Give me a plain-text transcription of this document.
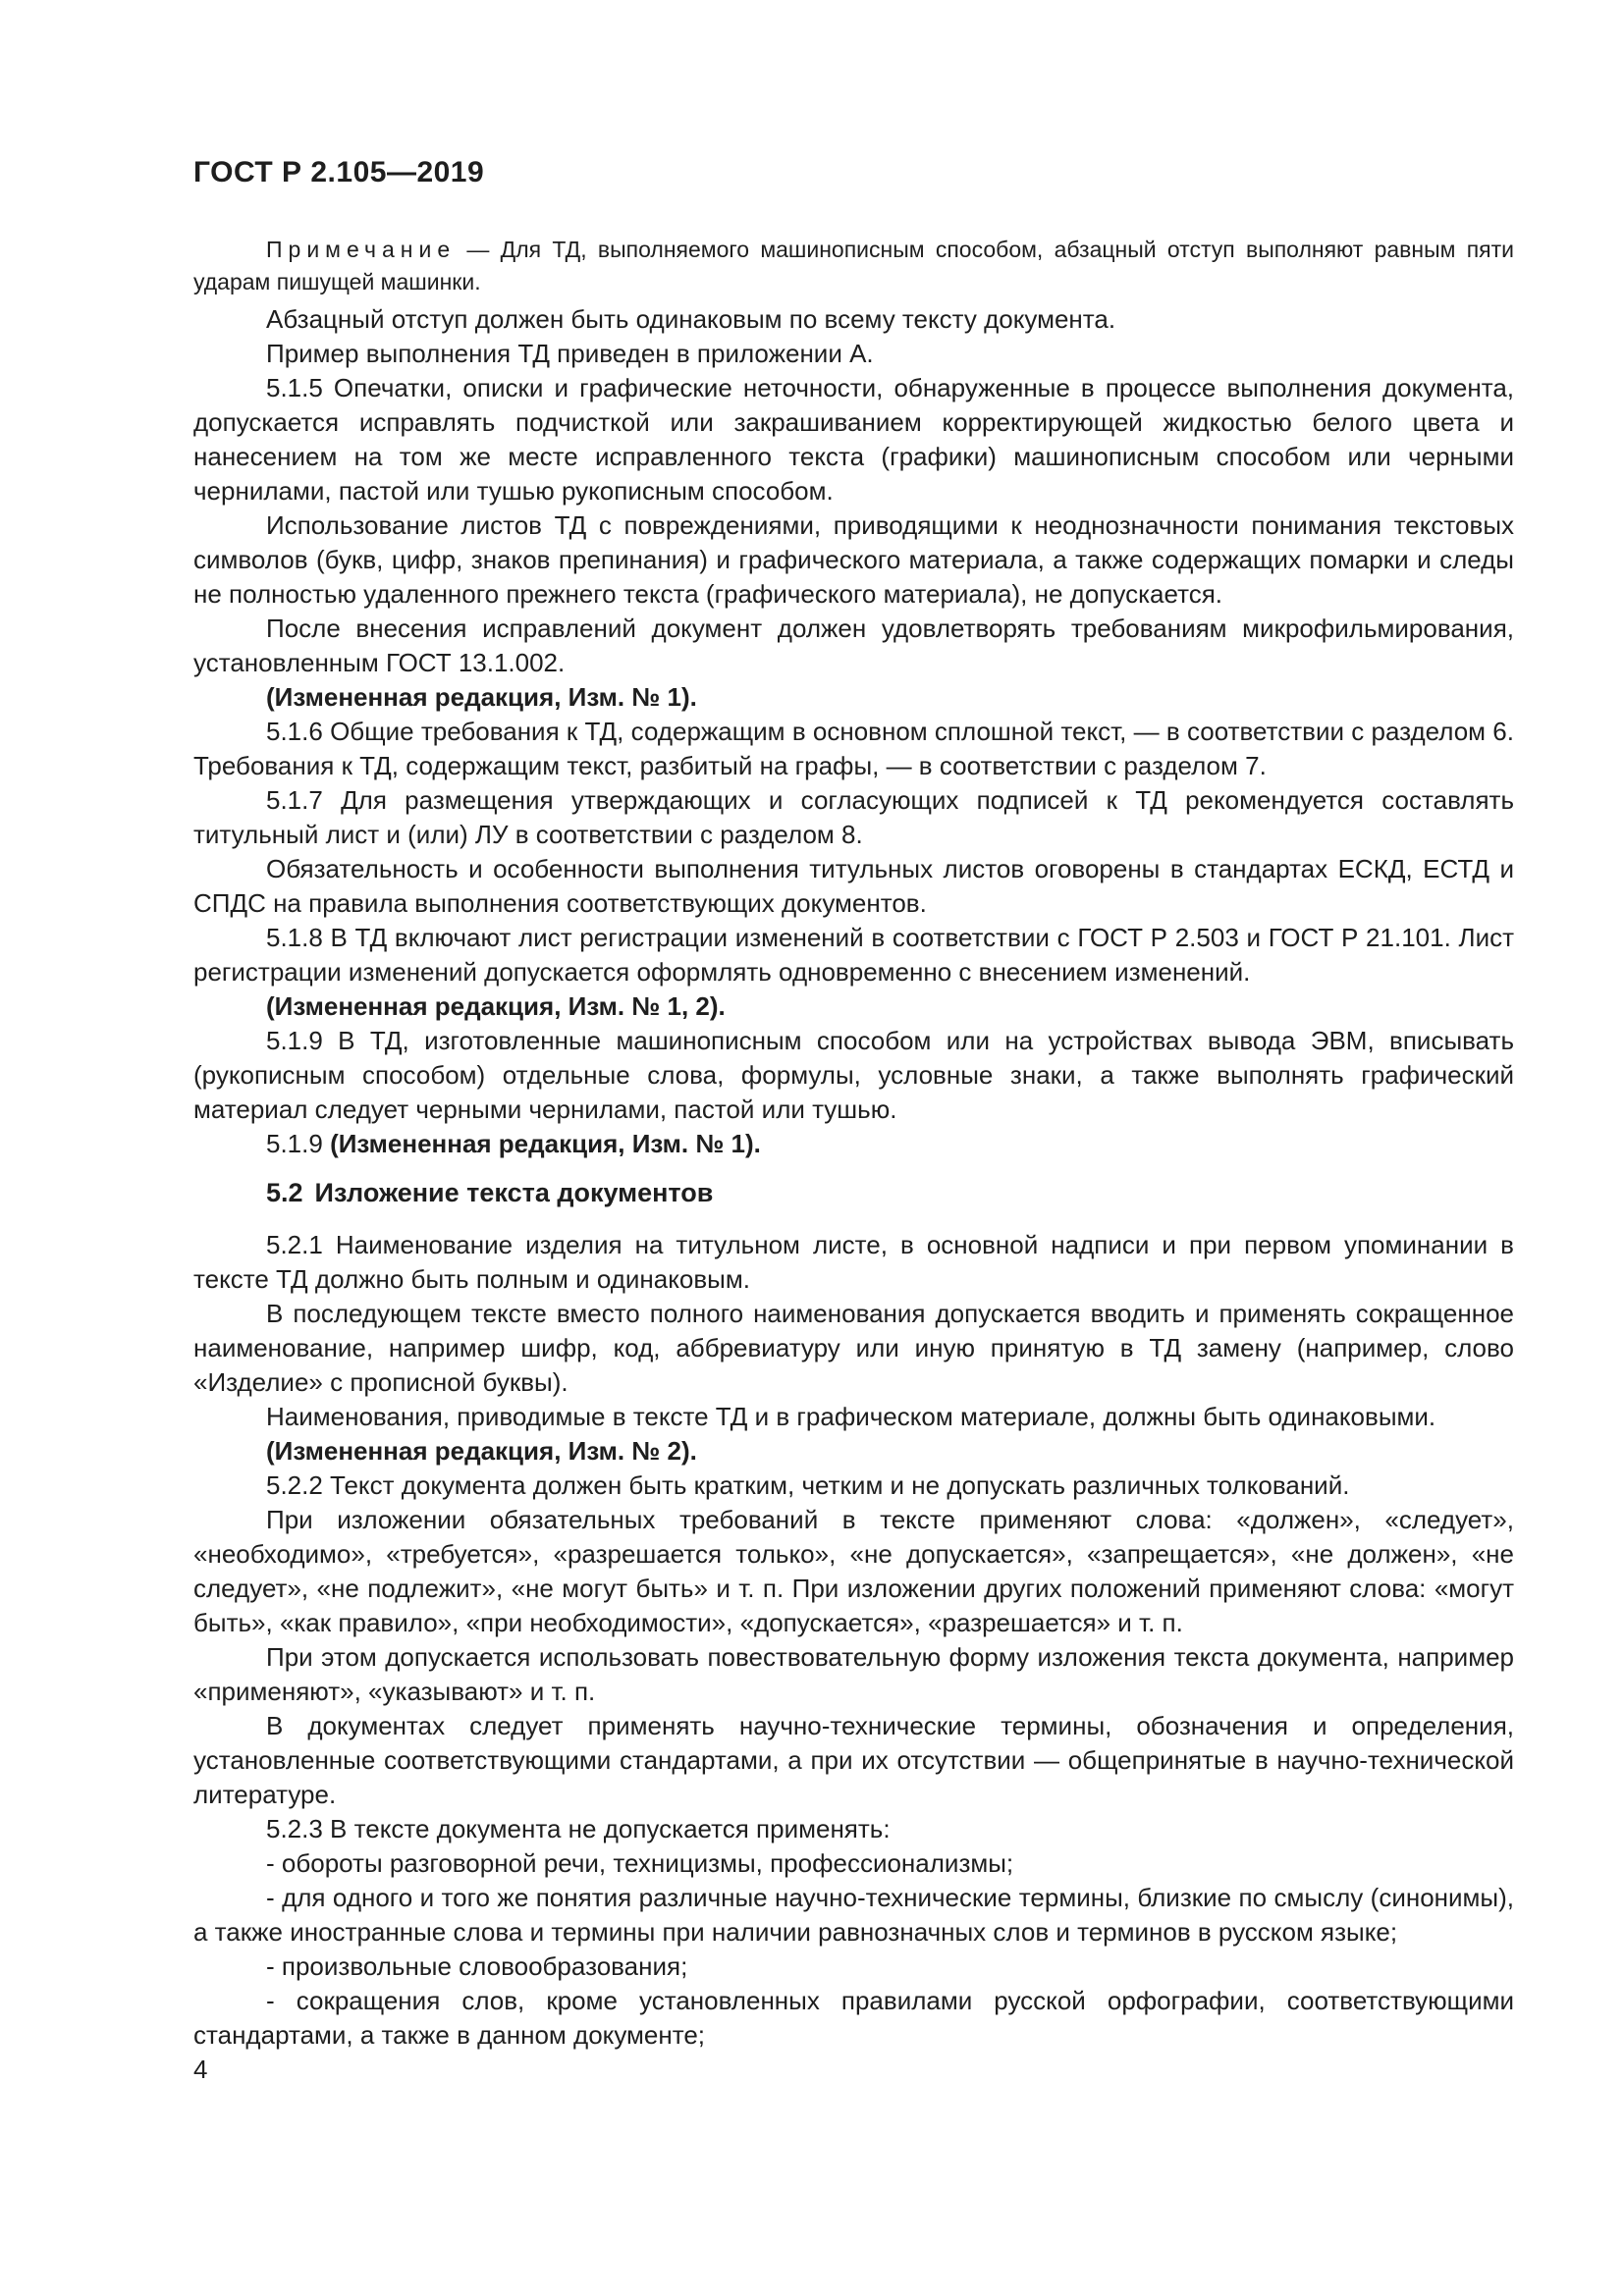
ГОСТ Р 2.105—2019

Примечание — Для ТД, выполняемого машинописным способом, абзацный отступ выполняют равным пяти ударам пишущей машинки.

Абзацный отступ должен быть одинаковым по всему тексту документа.

Пример выполнения ТД приведен в приложении А.

5.1.5 Опечатки, описки и графические неточности, обнаруженные в процессе выполнения документа, допускается исправлять подчисткой или закрашиванием корректирующей жидкостью белого цвета и нанесением на том же месте исправленного текста (графики) машинописным способом или черными чернилами, пастой или тушью рукописным способом.

Использование листов ТД с повреждениями, приводящими к неоднозначности понимания текстовых символов (букв, цифр, знаков препинания) и графического материала, а также содержащих помарки и следы не полностью удаленного прежнего текста (графического материала), не допускается.

После внесения исправлений документ должен удовлетворять требованиям микрофильмирования, установленным ГОСТ 13.1.002.

(Измененная редакция, Изм. № 1).

5.1.6 Общие требования к ТД, содержащим в основном сплошной текст, — в соответствии с разделом 6. Требования к ТД, содержащим текст, разбитый на графы, — в соответствии с разделом 7.

5.1.7 Для размещения утверждающих и согласующих подписей к ТД рекомендуется составлять титульный лист и (или) ЛУ в соответствии с разделом 8.

Обязательность и особенности выполнения титульных листов оговорены в стандартах ЕСКД, ЕСТД и СПДС на правила выполнения соответствующих документов.

5.1.8 В ТД включают лист регистрации изменений в соответствии с ГОСТ Р 2.503 и ГОСТ Р 21.101. Лист регистрации изменений допускается оформлять одновременно с внесением изменений.

(Измененная редакция, Изм. № 1, 2).

5.1.9 В ТД, изготовленные машинописным способом или на устройствах вывода ЭВМ, вписывать (рукописным способом) отдельные слова, формулы, условные знаки, а также выполнять графический материал следует черными чернилами, пастой или тушью.

5.1.9 (Измененная редакция, Изм. № 1).

5.2 Изложение текста документов

5.2.1 Наименование изделия на титульном листе, в основной надписи и при первом упоминании в тексте ТД должно быть полным и одинаковым.

В последующем тексте вместо полного наименования допускается вводить и применять сокращенное наименование, например шифр, код, аббревиатуру или иную принятую в ТД замену (например, слово «Изделие» с прописной буквы).

Наименования, приводимые в тексте ТД и в графическом материале, должны быть одинаковыми.

(Измененная редакция, Изм. № 2).

5.2.2 Текст документа должен быть кратким, четким и не допускать различных толкований.

При изложении обязательных требований в тексте применяют слова: «должен», «следует», «необходимо», «требуется», «разрешается только», «не допускается», «запрещается», «не должен», «не следует», «не подлежит», «не могут быть» и т. п. При изложении других положений применяют слова: «могут быть», «как правило», «при необходимости», «допускается», «разрешается» и т. п.

При этом допускается использовать повествовательную форму изложения текста документа, например «применяют», «указывают» и т. п.

В документах следует применять научно-технические термины, обозначения и определения, установленные соответствующими стандартами, а при их отсутствии — общепринятые в научно-технической литературе.

5.2.3 В тексте документа не допускается применять:

- обороты разговорной речи, техницизмы, профессионализмы;

- для одного и того же понятия различные научно-технические термины, близкие по смыслу (синонимы), а также иностранные слова и термины при наличии равнозначных слов и терминов в русском языке;

- произвольные словообразования;

- сокращения слов, кроме установленных правилами русской орфографии, соответствующими стандартами, а также в данном документе;

4
